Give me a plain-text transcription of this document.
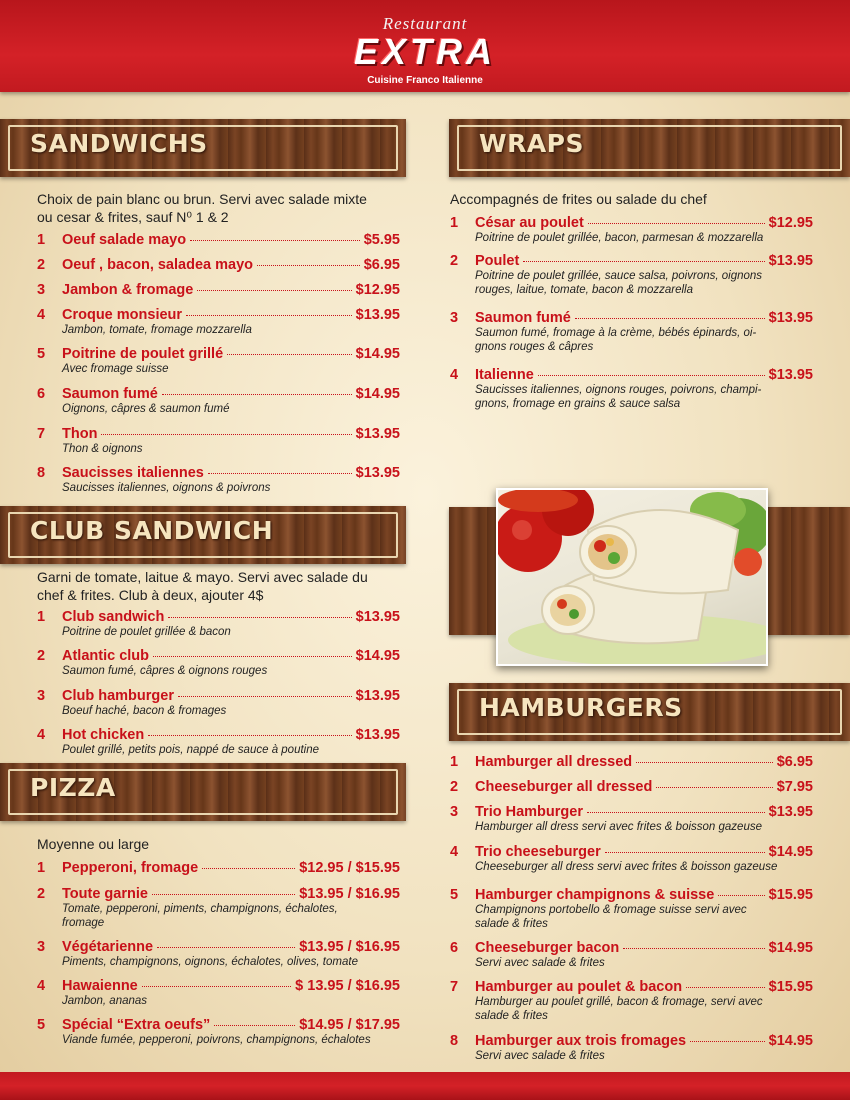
Restaurant
EXTRA
Cuisine Franco Italienne
SANDWICHS
Choix de pain blanc ou brun. Servi avec salade mixte
ou cesar & frites, sauf N⁰ 1 & 2
1	Oeuf salade mayo	$5.95
2	Oeuf , bacon, saladea mayo	$6.95
3	Jambon & fromage	$12.95
4	Croque monsieur	$13.95
Jambon, tomate, fromage mozzarella
5	Poitrine de poulet grillé	$14.95
Avec fromage suisse
6	Saumon fumé	$14.95
Oignons, câpres & saumon fumé
7	Thon	$13.95
Thon & oignons
8	Saucisses italiennes	$13.95
Saucisses italiennes, oignons & poivrons
CLUB SANDWICH
Garni de tomate, laitue & mayo. Servi avec salade du
chef & frites. Club à deux, ajouter 4$
1	Club sandwich	$13.95
Poitrine de poulet grillée & bacon
2	Atlantic club	$14.95
Saumon fumé, câpres & oignons rouges
3	Club hamburger	$13.95
Boeuf haché, bacon & fromages
4	Hot chicken	$13.95
Poulet grillé, petits pois, nappé de sauce à poutine
PIZZA
Moyenne ou large
1	Pepperoni, fromage	$12.95 / $15.95
2	Toute garnie	$13.95 / $16.95
Tomate, pepperoni, piments, champignons, échalotes,
fromage
3	Végétarienne	$13.95 / $16.95
Piments, champignons, oignons, échalotes, olives, tomate
4	Hawaienne	$ 13.95 / $16.95
Jambon, ananas
5	Spécial “Extra oeufs”	$14.95 / $17.95
Viande fumée, pepperoni, poivrons, champignons, échalotes
WRAPS
Accompagnés de frites ou salade du chef
1	César au poulet	$12.95
Poitrine de poulet grillée, bacon, parmesan & mozzarella
2	Poulet	$13.95
Poitrine de poulet grillée, sauce salsa, poivrons, oignons
rouges, laitue, tomate, bacon & mozzarella
3	Saumon fumé	$13.95
Saumon fumé, fromage à la crème, bébés épinards, oi-
gnons rouges & câpres
4	Italienne	$13.95
Saucisses italiennes, oignons rouges, poivrons, champi-
gnons, fromage en grains & sauce salsa
HAMBURGERS
1	Hamburger all dressed	$6.95
2	Cheeseburger all dressed	$7.95
3	Trio Hamburger	$13.95
Hamburger all dress servi avec frites & boisson gazeuse
4	Trio cheeseburger	$14.95
Cheeseburger all dress servi avec frites & boisson gazeuse
5	Hamburger champignons & suisse	$15.95
Champignons portobello & fromage suisse servi avec
salade & frites
6	Cheeseburger bacon	$14.95
Servi avec salade & frites
7	Hamburger au poulet & bacon	$15.95
Hamburger au poulet grillé, bacon & fromage, servi avec
salade & frites
8	Hamburger aux trois fromages	$14.95
Servi avec salade & frites
